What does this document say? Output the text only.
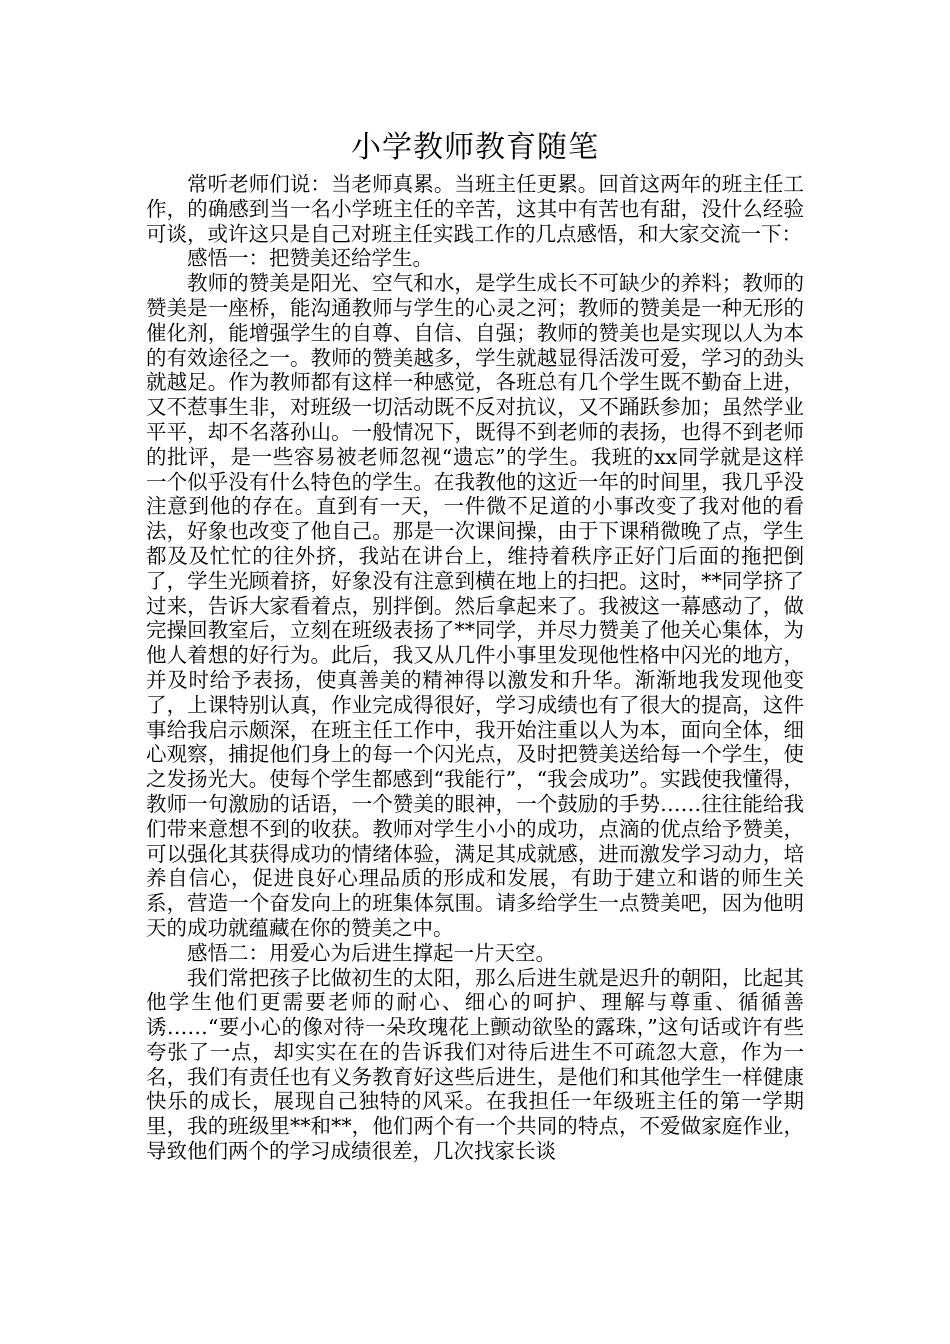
小学教师教育随笔

常听老师们说：当老师真累。当班主任更累。回首这两年的班主任工作，的确感到当一名小学班主任的辛苦，这其中有苦也有甜，没什么经验可谈，或许这只是自己对班主任实践工作的几点感悟，和大家交流一下：

感悟一：把赞美还给学生。

教师的赞美是阳光、空气和水，是学生成长不可缺少的养料；教师的赞美是一座桥，能沟通教师与学生的心灵之河；教师的赞美是一种无形的催化剂，能增强学生的自尊、自信、自强；教师的赞美也是实现以人为本的有效途径之一。教师的赞美越多，学生就越显得活泼可爱，学习的劲头就越足。作为教师都有这样一种感觉，各班总有几个学生既不勤奋上进，又不惹事生非，对班级一切活动既不反对抗议，又不踊跃参加；虽然学业平平，却不名落孙山。一般情况下，既得不到老师的表扬，也得不到老师的批评，是一些容易被老师忽视“遗忘”的学生。我班的xx同学就是这样一个似乎没有什么特色的学生。在我教他的这近一年的时间里，我几乎没注意到他的存在。直到有一天，一件微不足道的小事改变了我对他的看法，好象也改变了他自己。那是一次课间操，由于下课稍微晚了点，学生都及及忙忙的往外挤，我站在讲台上，维持着秩序正好门后面的拖把倒了，学生光顾着挤，好象没有注意到横在地上的扫把。这时，**同学挤了过来，告诉大家看着点，别拌倒。然后拿起来了。我被这一幕感动了，做完操回教室后，立刻在班级表扬了**同学，并尽力赞美了他关心集体，为他人着想的好行为。此后，我又从几件小事里发现他性格中闪光的地方，并及时给予表扬，使真善美的精神得以激发和升华。渐渐地我发现他变了，上课特别认真，作业完成得很好，学习成绩也有了很大的提高，这件事给我启示颇深，在班主任工作中，我开始注重以人为本，面向全体，细心观察，捕捉他们身上的每一个闪光点，及时把赞美送给每一个学生，使之发扬光大。使每个学生都感到“我能行”，“我会成功”。实践使我懂得，教师一句激励的话语，一个赞美的眼神，一个鼓励的手势……往往能给我们带来意想不到的收获。教师对学生小小的成功，点滴的优点给予赞美，可以强化其获得成功的情绪体验，满足其成就感，进而激发学习动力，培养自信心，促进良好心理品质的形成和发展，有助于建立和谐的师生关系，营造一个奋发向上的班集体氛围。请多给学生一点赞美吧，因为他明天的成功就蕴藏在你的赞美之中。

感悟二：用爱心为后进生撑起一片天空。

我们常把孩子比做初生的太阳，那么后进生就是迟升的朝阳，比起其他学生他们更需要老师的耐心、细心的呵护、理解与尊重、循循善诱……“要小心的像对待一朵玫瑰花上颤动欲坠的露珠，”这句话或许有些夸张了一点，却实实在在的告诉我们对待后进生不可疏忽大意，作为一名，我们有责任也有义务教育好这些后进生，是他们和其他学生一样健康快乐的成长，展现自己独特的风采。在我担任一年级班主任的第一学期里，我的班级里**和**，他们两个有一个共同的特点，不爱做家庭作业，导致他们两个的学习成绩很差，几次找家长谈
